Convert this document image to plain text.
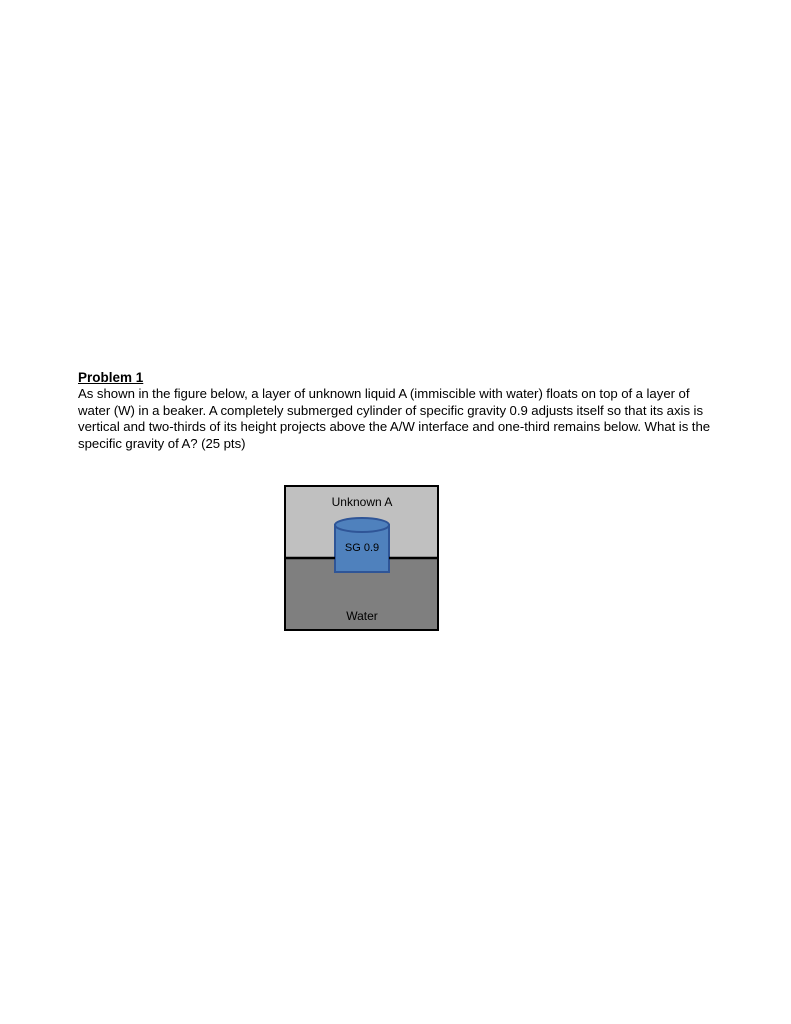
Problem 1

As shown in the figure below, a layer of unknown liquid A (immiscible with water) floats on top of a layer of water (W) in a beaker. A completely submerged cylinder of specific gravity 0.9 adjusts itself so that its axis is vertical and two-thirds of its height projects above the A/W interface and one-third remains below. What is the specific gravity of A? (25 pts)

Unknown A
SG 0.9
Water
